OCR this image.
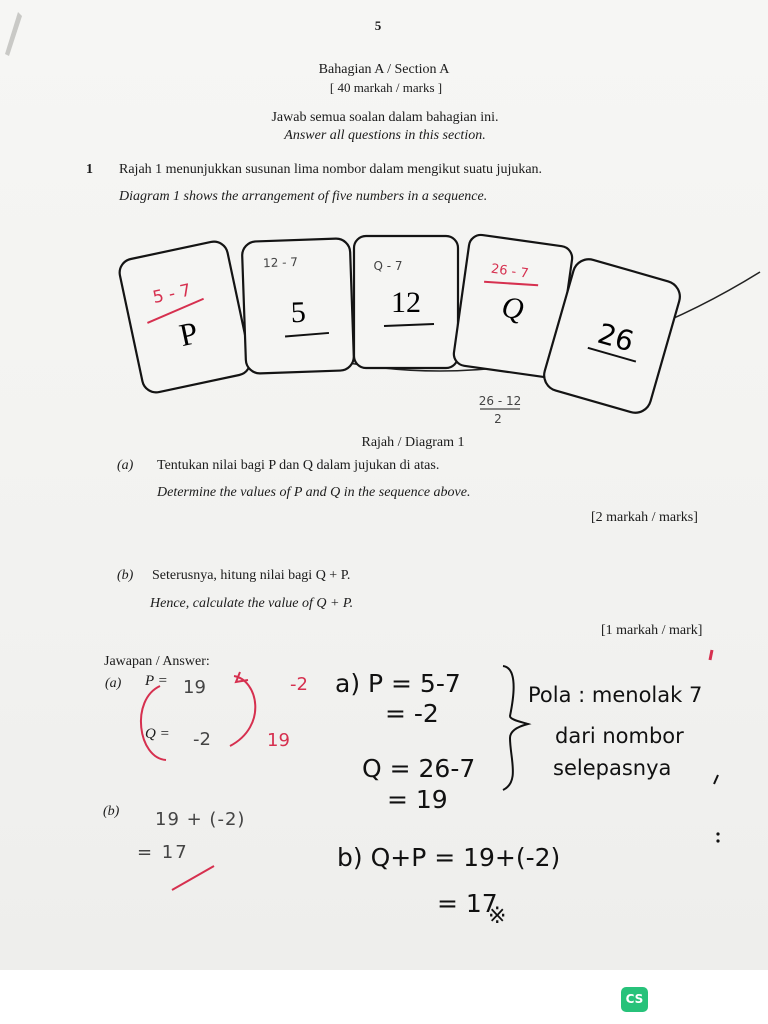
5
Bahagian A / Section A
[ 40 markah / marks ]
Jawab semua soalan dalam bahagian ini.
Answer all questions in this section.
1 Rajah 1 menunjukkan susunan lima nombor dalam mengikut suatu jujukan.
Diagram 1 shows the arrangement of five numbers in a sequence.
P
5 - 7
5
12 - 7
12
Q - 7
Q
26 - 7
26
26 - 12
2
19
-2
19 + (-2)
= 17
-2
19
a) P = 5-7
= -2
Q = 26-7
= 19
Pola : menolak 7
dari nombor
selepasnya
b) Q+P = 19+(-2)
= 17
※
Rajah / Diagram 1
(a) Tentukan nilai bagi P dan Q dalam jujukan di atas.
Determine the values of P and Q in the sequence above.
[2 markah / marks]
(b) Seterusnya, hitung nilai bagi Q + P.
Hence, calculate the value of Q + P.
[1 markah / mark]
Jawapan / Answer:
(a) P =
Q =
(b)
CS
